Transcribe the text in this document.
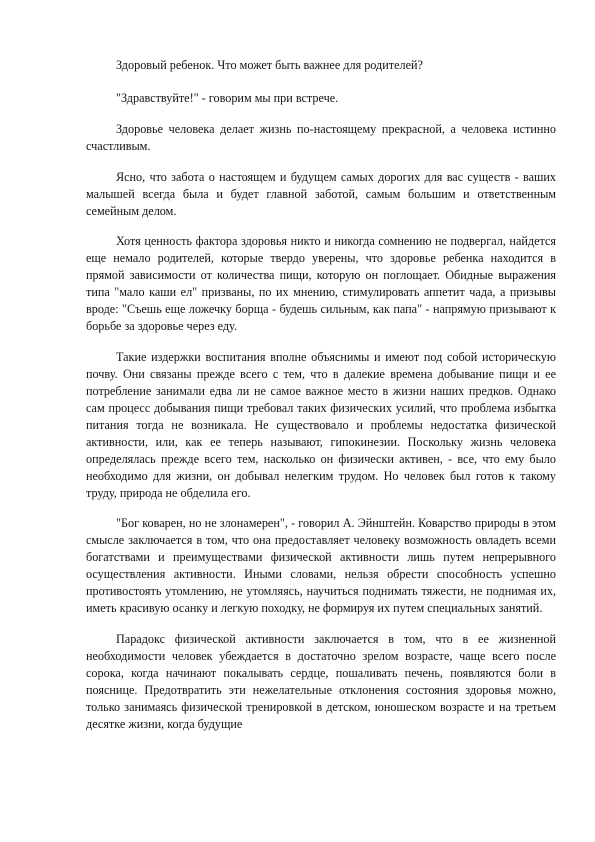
Здоровый ребенок. Что может быть важнее для родителей?

"Здравствуйте!" - говорим мы при встрече.

Здоровье человека делает жизнь по-настоящему прекрасной, а человека истинно счастливым.

Ясно, что забота о настоящем и будущем самых дорогих для вас существ - ваших малышей всегда была и будет главной заботой, самым большим и ответственным семейным делом.

Хотя ценность фактора здоровья никто и никогда сомнению не подвергал, найдется еще немало родителей, которые твердо уверены, что здоровье ребенка находится в прямой зависимости от количества пищи, которую он поглощает. Обидные выражения типа "мало каши ел" призваны, по их мнению, стимулировать аппетит чада, а призывы вроде: "Съешь еще ложечку борща - будешь сильным, как папа" - напрямую призывают к борьбе за здоровье через еду.

Такие издержки воспитания вполне объяснимы и имеют под собой историческую почву. Они связаны прежде всего с тем, что в далекие времена добывание пищи и ее потребление занимали едва ли не самое важное место в жизни наших предков. Однако сам процесс добывания пищи требовал таких физических усилий, что проблема избытка питания тогда не возникала. Не существовало и проблемы недостатка физической активности, или, как ее теперь называют, гипокинезии. Поскольку жизнь человека определялась прежде всего тем, насколько он физически активен, - все, что ему было необходимо для жизни, он добывал нелегким трудом. Но человек был готов к такому труду, природа не обделила его.

"Бог коварен, но не злонамерен", - говорил А. Эйнштейн. Коварство природы в этом смысле заключается в том, что она предоставляет человеку возможность овладеть всеми богатствами и преимуществами физической активности лишь путем непрерывного осуществления активности. Иными словами, нельзя обрести способность успешно противостоять утомлению, не утомляясь, научиться поднимать тяжести, не поднимая их, иметь красивую осанку и легкую походку, не формируя их путем специальных занятий.

Парадокс физической активности заключается в том, что в ее жизненной необходимости человек убеждается в достаточно зрелом возрасте, чаще всего после сорока, когда начинают покалывать сердце, пошаливать печень, появляются боли в пояснице. Предотвратить эти нежелательные отклонения состояния здоровья можно, только занимаясь физической тренировкой в детском, юношеском возрасте и на третьем десятке жизни, когда будущие
